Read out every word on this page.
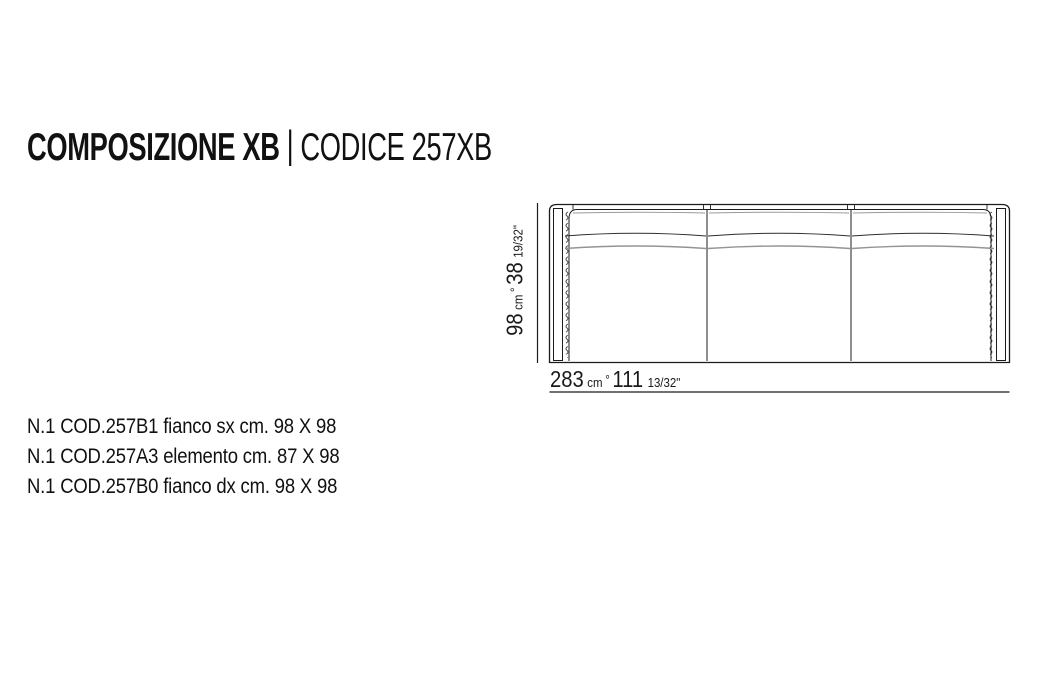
COMPOSIZIONE XB | CODICE 257XB
98cm°3819/32"
283 cm ° 111 13/32"
N.1 COD.257B1 fianco sx cm. 98 X 98
N.1 COD.257A3 elemento cm. 87 X 98
N.1 COD.257B0 fianco dx cm. 98 X 98
